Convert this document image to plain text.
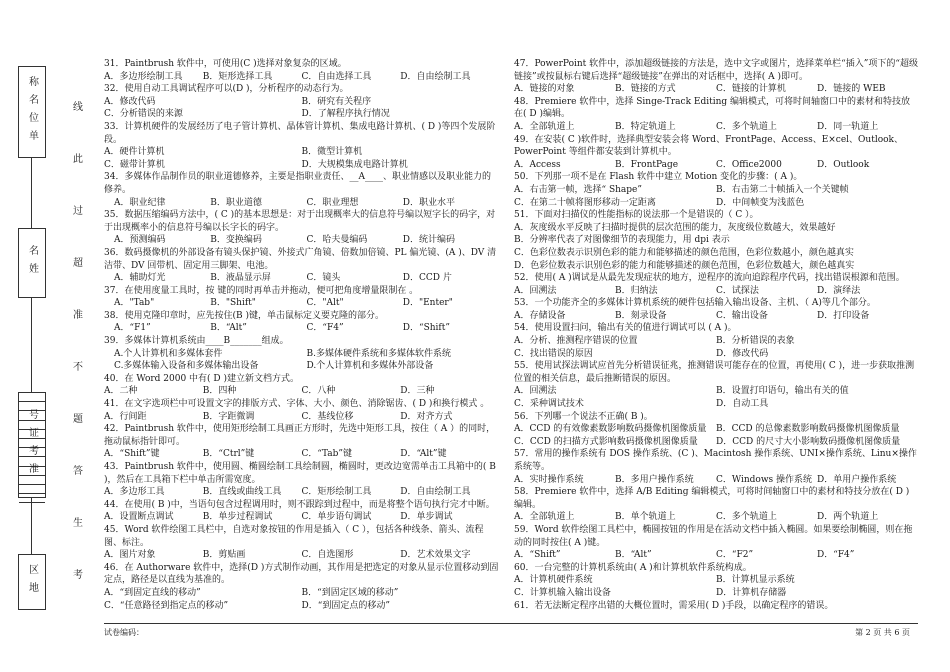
称名位单
名姓
号证考准
区地
线
此
过
超
准
不
题
答
生
考

31．Paintbrush 软件中，可使用(C )选择对象复杂的区域。

A．多边形绘制工具	B．矩形选择工具	C．自由选择工具	D．自由绘制工具

32．使用自动工具调试程序可以(D )，分析程序的动态行为。

A．修改代码	B．研究有关程序
C．分析错误的来源	D．了解程序执行情况

33．计算机硬件的发展经历了电子管计算机、晶体管计算机、集成电路计算机、( D )等四个发展阶段。

A．硬件计算机	B．微型计算机
C．磁带计算机	D．大规模集成电路计算机

34．多媒体作品制作员的职业道德修养，主要是指职业责任、__A____、职业情感以及职业能力的修养。

A．职业纪律	B．职业道德	C．职业理想	D．职业水平

35．数据压缩编码方法中，( C )的基本思想是：对于出现概率大的信息符号编以短字长的码字，对于出现概率小的信息符号编以长字长的码字。

A．预测编码	B．变换编码	C．哈夫曼编码	D．统计编码

36．数码摄像机的外部设备有镜头保护镜、外接式广角镜、倍数加倍镜、PL 偏光镜、(A )、DV 清洁带、DV 回带机、固定用三脚架、电池。

A．辅助灯光	B．液晶显示屏	C．镜头	D．CCD 片

37．在使用度量工具时，按 键的同时再单击并拖动，便可把角度增量限制在 。

A．"Tab"	B．"Shift"	C．"Alt"	D．"Enter"

38．使用克隆印章时，应先按住(B )键，单击鼠标定义要克隆的部分。

A．“F1”	B．“Alt”	C．“F4”	D．“Shift”

39．多媒体计算机系统由____B_______组成。

A.个人计算机和多媒体套件	B.多媒体硬件系统和多媒体软件系统
C.多媒体输入设备和多媒体输出设备	D.个人计算机和多媒体外部设备

40．在 Word 2000 中有( D )建立新文档方式。

A．二种	B．四种	C．八种	D．三种

41．在文字选项栏中可设置文字的排版方式、字体、大小、颜色、消除锯齿、( D )和换行模式 。

A．行间距	B．字距微调	C．基线位移	D．对齐方式

42．Paintbrush 软件中，使用矩形绘制工具画正方形时，先选中矩形工具，按住（ A ）的同时，拖动鼠标指针即可。

A．“Shift”键	B．“Ctrl”键	C．“Tab”键	D．“Alt”键

43．Paintbrush 软件中，使用圆、椭圆绘制工具绘制圆，椭圆时，更改边宽需单击工具箱中的( B )，然后在工具箱下栏中单击所需宽度。

A．多边形工具	B．直线或曲线工具	C．矩形绘制工具	D．自由绘制工具

44．在使用( B )中，当语句包含过程调用时，则不跟踪到过程中，而是将整个语句执行完才中断。

A．设置断点调试	B．单步过程调试	C．单步语句调试	D．单步调试

45．Word 软件绘图工具栏中，自选对象按钮的作用是插入（ C ），包括各种线条、箭头、流程图、标注。

A．图片对象	B．剪贴画	C．自选图形	D．艺术效果文字

46．在 Authorware 软件中，选择(D )方式制作动画，其作用是把选定的对象从显示位置移动到固定点，路径是以直线为基准的。

A．“到固定直线的移动”	B．“到固定区域的移动”
C．“任意路径到指定点的移动”	D．“到固定点的移动”

47．PowerPoint 软件中，添加超级链接的方法是，选中文字或图片，选择菜单栏“插入”项下的“超级链接”或按鼠标右键后选择“超级链接”在弹出的对话框中，选择( A )即可。

A．链接的对象	B．链接的方式	C．链接的计算机	D．链接的 WEB

48．Premiere 软件中，选择 Singe-Track Editing 编辑模式，可将时间轴窗口中的素材和特技放在( D )编辑。

A．全部轨道上	B．特定轨道上	C．多个轨道上	D．同一轨道上

49．在安装( C )软件时，选择典型安装会将 Word、FrontPage、Access、E×cel、Outlook、PowerPoint 等组件都安装到计算机中。

A．Access	B．FrontPage	C．Office2000	D．Outlook

50．下列那一项不是在 Flash 软件中建立 Motion 变化的步骤：( A )。

A．右击第一帧，选择“ Shape”	B．右击第二十帧插入一个关键帧
C．在第二十帧将图形移动一定距离	D．中间帧变为浅蓝色

51．下面对扫描仪的性能指标的说法那一个是错误的（ C ）。

A．灰度级水平反映了扫描时提供的层次范围的能力，灰度级位数越大，效果越好

B．分辨率代表了对图像细节的表现能力，用 dpi 表示

C．色彩位数表示识别色彩的能力和能够描述的颜色范围，色彩位数越小，颜色越真实

D．色彩位数表示识别色彩的能力和能够描述的颜色范围，色彩位数越大，颜色越真实

52．使用( A )调试是从最先发现症状的地方，逆程序的流向追踪程序代码，找出错误根源和范围。

A．回溯法	B．归纳法	C．试探法	D．演绎法

53．一个功能齐全的多媒体计算机系统的硬件包括输入输出设备、主机、（ A)等几个部分。

A．存储设备	B．刻录设备	C．输出设备	D．打印设备

54．使用设置扫问，输出有关的值进行调试可以 ( A )。

A．分析、推测程序错误的位置	B．分析错误的表象
C．找出错误的原因	D．修改代码

55．使用试探法调试应首先分析错误征兆，推测错误可能存在的位置，再使用( C )，进一步获取推测位置的相关信息，最后推断错误的原因。

A．回溯法	B．设置打印语句，输出有关的值
C．采种调试技术	D．自动工具

56．下列哪一个说法不正确( B )。

A．CCD 的有效像素数影响数码摄像机图像质量	B．CCD 的总像素数影响数码摄像机图像质量
C．CCD 的扫描方式影响数码摄像机图像质量	D．CCD 的尺寸大小影响数码摄像机图像质量

57．常用的操作系统有 DOS 操作系统、(C )、Macintosh 操作系统、UNI×操作系统、Linu×操作系统等。

A．实时操作系统	B．多用户操作系统	C．Windows 操作系统 D．单用户操作系统

58．Premiere 软件中，选择 A/B Editing 编辑模式，可将时间轴窗口中的素材和特技分放在( D )编辑。

A．全部轨道上	B．单个轨道上	C．多个轨道上	D．两个轨道上

59．Word 软件绘图工具栏中，椭圆按钮的作用是在活动文档中插入椭圆。如果要绘制椭圆，则在拖动的同时按住( A )键。

A．“Shift”	B．“Alt”	C．“F2”	D．“F4”

60．一台完整的计算机系统由( A )和计算机软件系统构成。

A．计算机硬件系统	B．计算机显示系统
C．计算机输入输出设备	D．计算机存储器

61．若无法断定程序出错的大概位置时，需采用( D )手段，以确定程序的错误。

试卷编码：	第 2 页 共 6 页
